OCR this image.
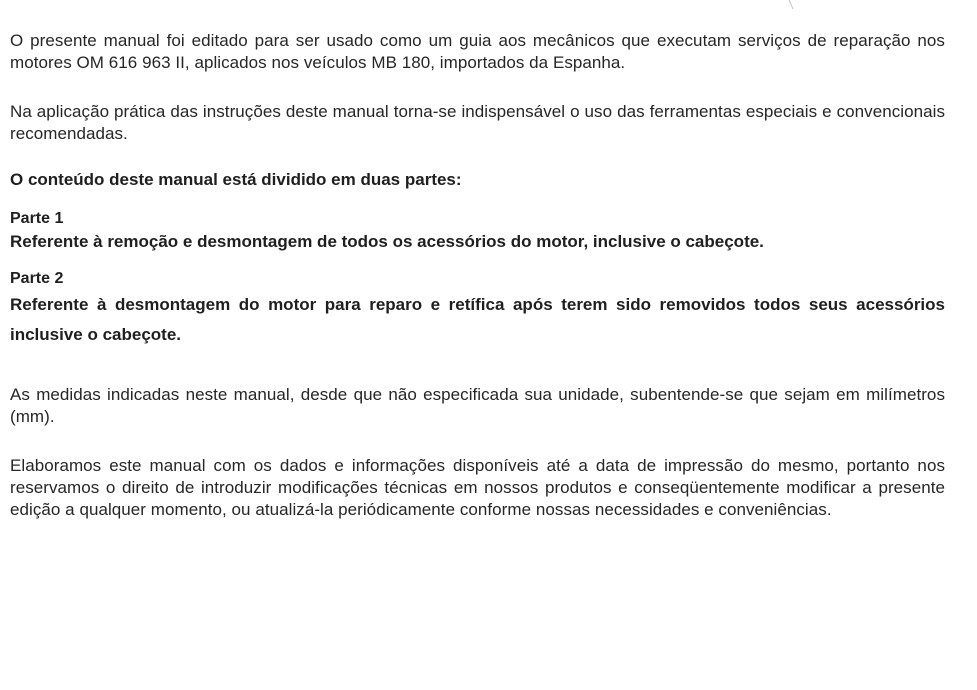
O presente manual foi editado para ser usado como um guia aos mecânicos que executam serviços de reparação nos motores OM 616 963 II, aplicados nos veículos MB 180, importados da Espanha.

Na aplicação prática das instruções deste manual torna-se indispensável o uso das ferramentas especiais e convencionais recomendadas.

O conteúdo deste manual está dividido em duas partes:

Parte 1

Referente à remoção e desmontagem de todos os acessórios do motor, inclusive o cabeçote.

Parte 2

Referente à desmontagem do motor para reparo e retífica após terem sido removidos todos seus acessórios inclusive o cabeçote.

As medidas indicadas neste manual, desde que não especificada sua unidade, subentende-se que sejam em milímetros (mm).

Elaboramos este manual com os dados e informações disponíveis até a data de impressão do mesmo, portanto nos reservamos o direito de introduzir modificações técnicas em nossos produtos e conseqüentemente modificar a presente edição a qualquer momento, ou atualizá-la periódicamente conforme nossas necessidades e conveniências.
